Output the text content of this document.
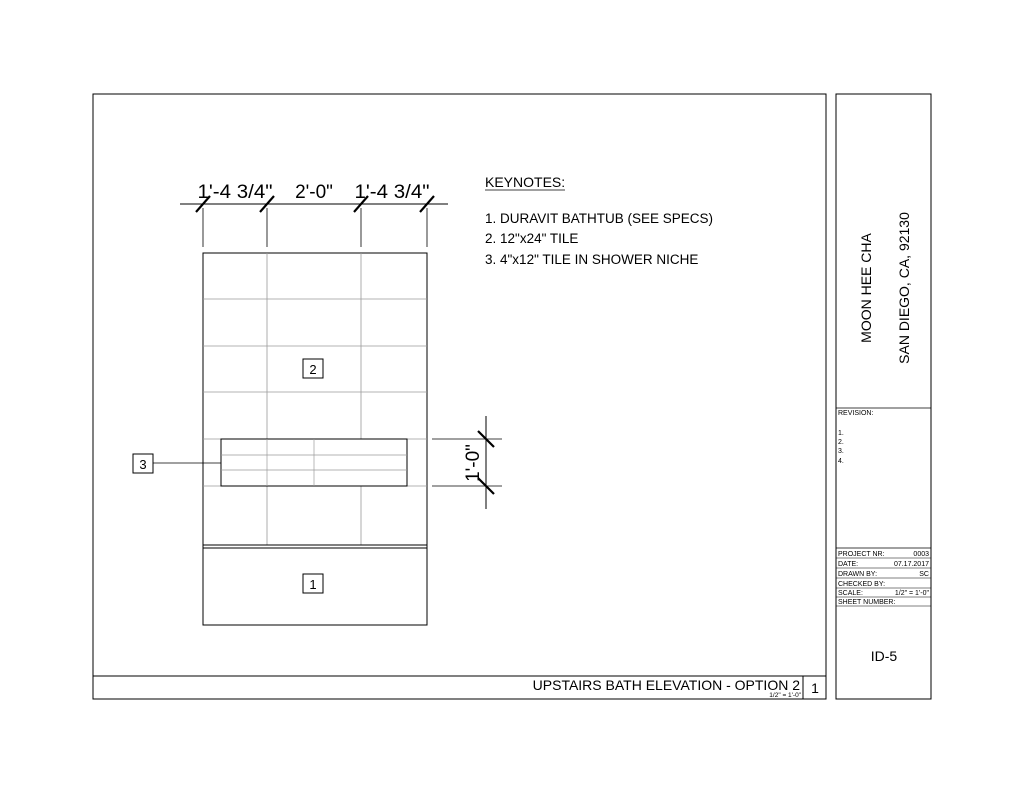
1'-4 3/4" 2'-0" 1'-4 3/4"
1'-0"
2
1
3
KEYNOTES:
1. DURAVIT BATHTUB (SEE SPECS)
2. 12"x24" TILE
3. 4"x12" TILE IN SHOWER NICHE
UPSTAIRS BATH ELEVATION - OPTION 2
1/2" = 1'-0" 1
MOON HEE CHA SAN DIEGO, CA, 92130
REVISION:
1.
2.
3.
4.
PROJECT NR:	0003
DATE:	07.17.2017
DRAWN BY:	SC
CHECKED BY:
SCALE:	1/2" = 1'-0"
SHEET NUMBER:
ID-5
